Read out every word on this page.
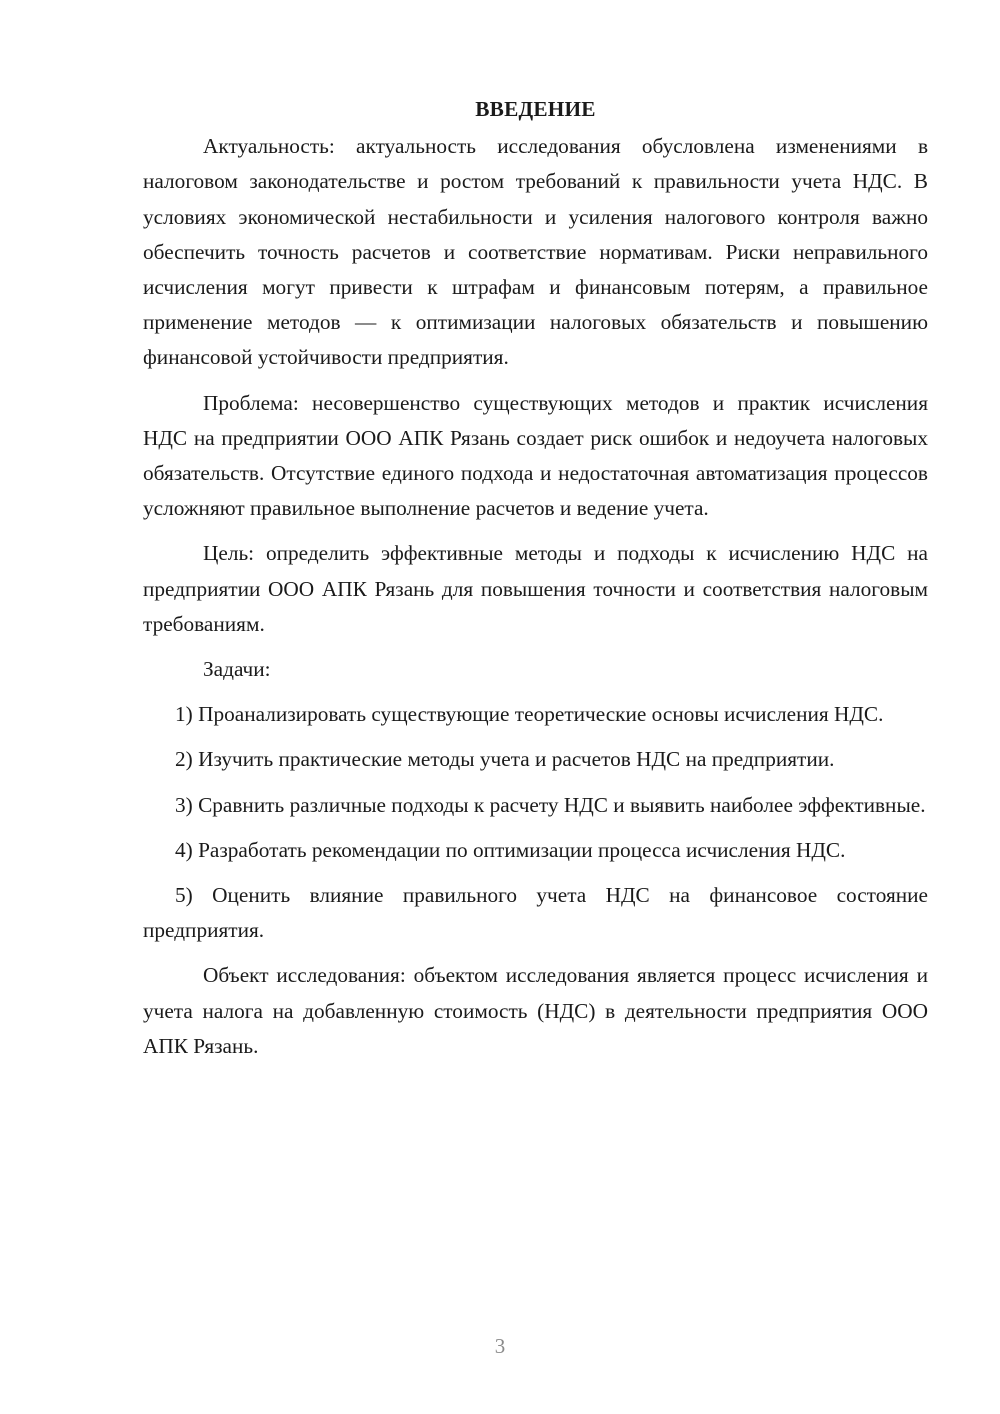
ВВЕДЕНИЕ

Актуальность: актуальность исследования обусловлена изменениями в налоговом законодательстве и ростом требований к правильности учета НДС. В условиях экономической нестабильности и усиления налогового контроля важно обеспечить точность расчетов и соответствие нормативам. Риски неправильного исчисления могут привести к штрафам и финансовым потерям, а правильное применение методов — к оптимизации налоговых обязательств и повышению финансовой устойчивости предприятия.

Проблема: несовершенство существующих методов и практик исчисления НДС на предприятии ООО АПК Рязань создает риск ошибок и недоучета налоговых обязательств. Отсутствие единого подхода и недостаточная автоматизация процессов усложняют правильное выполнение расчетов и ведение учета.

Цель: определить эффективные методы и подходы к исчислению НДС на предприятии ООО АПК Рязань для повышения точности и соответствия налоговым требованиям.

Задачи:

1) Проанализировать существующие теоретические основы исчисления НДС.

2) Изучить практические методы учета и расчетов НДС на предприятии.

3) Сравнить различные подходы к расчету НДС и выявить наиболее эффективные.

4) Разработать рекомендации по оптимизации процесса исчисления НДС.

5) Оценить влияние правильного учета НДС на финансовое состояние предприятия.

Объект исследования: объектом исследования является процесс исчисления и учета налога на добавленную стоимость (НДС) в деятельности предприятия ООО АПК Рязань.

3
